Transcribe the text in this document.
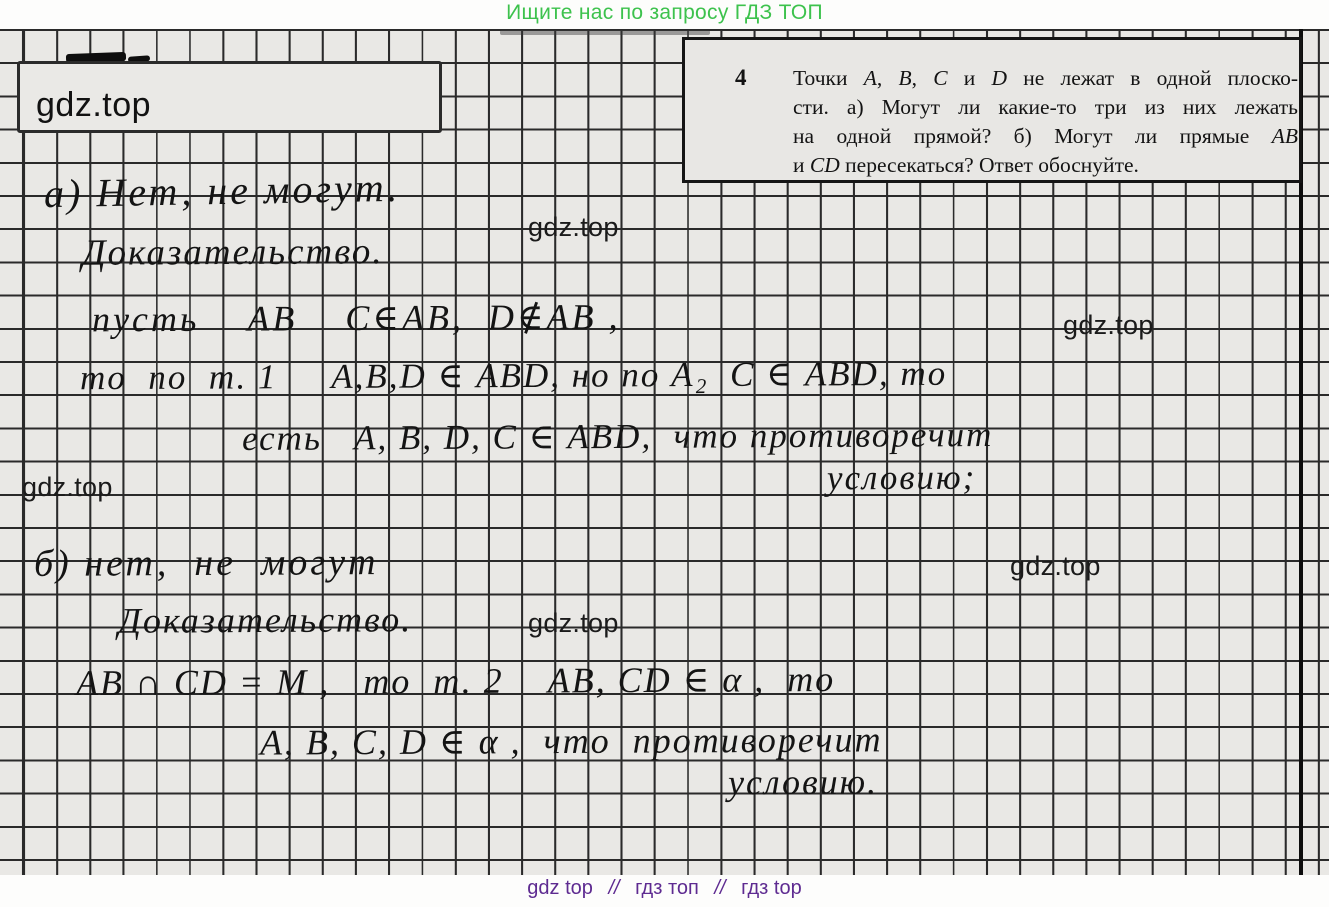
Ищите нас по запросу ГДЗ ТОП
gdz.top
4	Точки A, B, C и D не лежат в одной плоско-
сти. а) Могут ли какие-то три из них лежать
на одной прямой? б) Могут ли прямые AB
и CD пересекаться? Ответ обоснуйте.
gdz.top
gdz.top
gdz.top
gdz.top
gdz.top
а) Нет, не могут.
Доказательство.
пусть    АВ    С∈АВ,  D∉АВ ,
то  по  т. 1     А,В,D ∈ АВD, но по А₂  С ∈ АВD, то
есть   А, В, D, С ∈ АВD,  что противоречит
условию;
б) нет,  не  могут
Доказательство.
АВ ∩ CD = М ,   то  т. 2    АВ, CD ∈ α ,  то
А, В, С, D ∈ α ,  что  противоречит
условию.
gdz top // гдз топ // гдз top
